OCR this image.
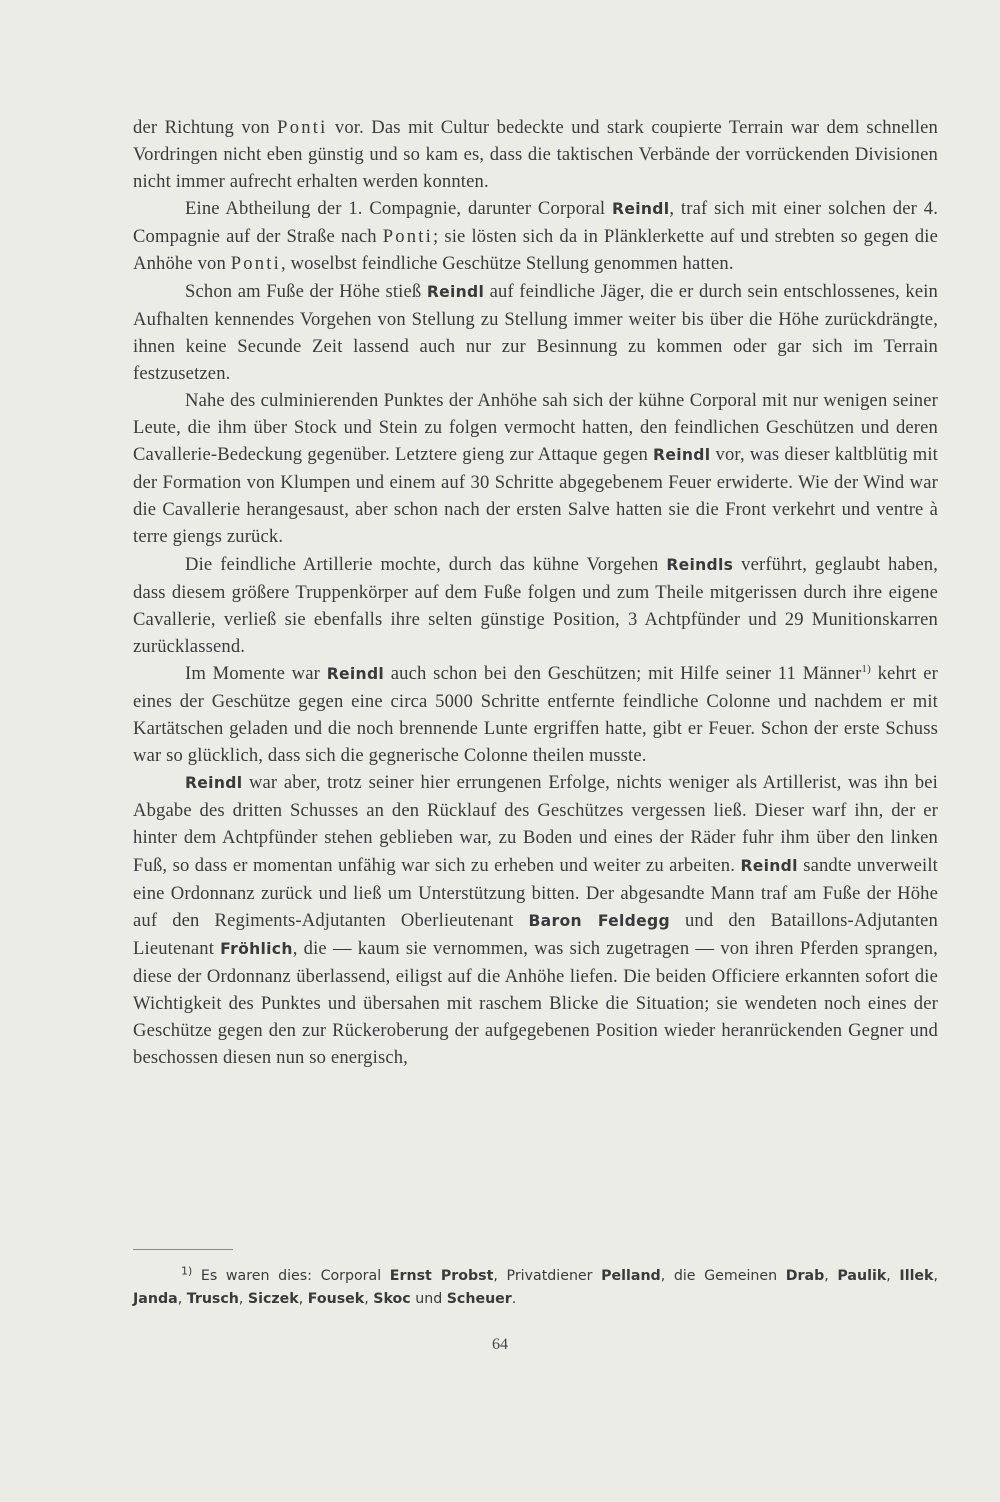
der Richtung von Ponti vor. Das mit Cultur bedeckte und stark coupierte Terrain war dem schnellen Vordringen nicht eben günstig und so kam es, dass die taktischen Verbände der vorrückenden Divisionen nicht immer aufrecht erhalten werden konnten.

Eine Abtheilung der 1. Compagnie, darunter Corporal Reindl, traf sich mit einer solchen der 4. Compagnie auf der Straße nach Ponti; sie lösten sich da in Plänklerkette auf und strebten so gegen die Anhöhe von Ponti, woselbst feindliche Geschütze Stellung genommen hatten.

Schon am Fuße der Höhe stieß Reindl auf feindliche Jäger, die er durch sein entschlossenes, kein Aufhalten kennendes Vorgehen von Stellung zu Stellung immer weiter bis über die Höhe zurückdrängte, ihnen keine Secunde Zeit lassend auch nur zur Besinnung zu kommen oder gar sich im Terrain festzusetzen.

Nahe des culminierenden Punktes der Anhöhe sah sich der kühne Corporal mit nur wenigen seiner Leute, die ihm über Stock und Stein zu folgen vermocht hatten, den feindlichen Geschützen und deren Cavallerie-Bedeckung gegenüber. Letztere gieng zur Attaque gegen Reindl vor, was dieser kaltblütig mit der Formation von Klumpen und einem auf 30 Schritte abgegebenem Feuer erwiderte. Wie der Wind war die Cavallerie herangesaust, aber schon nach der ersten Salve hatten sie die Front verkehrt und ventre à terre giengs zurück.

Die feindliche Artillerie mochte, durch das kühne Vorgehen Reindls verführt, geglaubt haben, dass diesem größere Truppenkörper auf dem Fuße folgen und zum Theile mitgerissen durch ihre eigene Cavallerie, verließ sie ebenfalls ihre selten günstige Position, 3 Achtpfünder und 29 Munitionskarren zurücklassend.

Im Momente war Reindl auch schon bei den Geschützen; mit Hilfe seiner 11 Männer$^{1)}$ kehrt er eines der Geschütze gegen eine circa 5000 Schritte entfernte feindliche Colonne und nachdem er mit Kartätschen geladen und die noch brennende Lunte ergriffen hatte, gibt er Feuer. Schon der erste Schuss war so glücklich, dass sich die gegnerische Colonne theilen musste.

Reindl war aber, trotz seiner hier errungenen Erfolge, nichts weniger als Artillerist, was ihn bei Abgabe des dritten Schusses an den Rücklauf des Geschützes vergessen ließ. Dieser warf ihn, der er hinter dem Achtpfünder stehen geblieben war, zu Boden und eines der Räder fuhr ihm über den linken Fuß, so dass er momentan unfähig war sich zu erheben und weiter zu arbeiten. Reindl sandte unverweilt eine Ordonnanz zurück und ließ um Unterstützung bitten. Der abgesandte Mann traf am Fuße der Höhe auf den Regiments-Adjutanten Oberlieutenant Baron Feldegg und den Bataillons-Adjutanten Lieutenant Fröhlich, die — kaum sie vernommen, was sich zugetragen — von ihren Pferden sprangen, diese der Ordonnanz überlassend, eiligst auf die Anhöhe liefen. Die beiden Officiere erkannten sofort die Wichtigkeit des Punktes und übersahen mit raschem Blicke die Situation; sie wendeten noch eines der Geschütze gegen den zur Rückeroberung der aufgegebenen Position wieder heranrückenden Gegner und beschossen diesen nun so energisch,

$^{1)}$ Es waren dies: Corporal Ernst Probst, Privatdiener Pelland, die Gemeinen Drab, Paulik, Illek, Janda, Trusch, Siczek, Fousek, Skoc und Scheuer.
64
